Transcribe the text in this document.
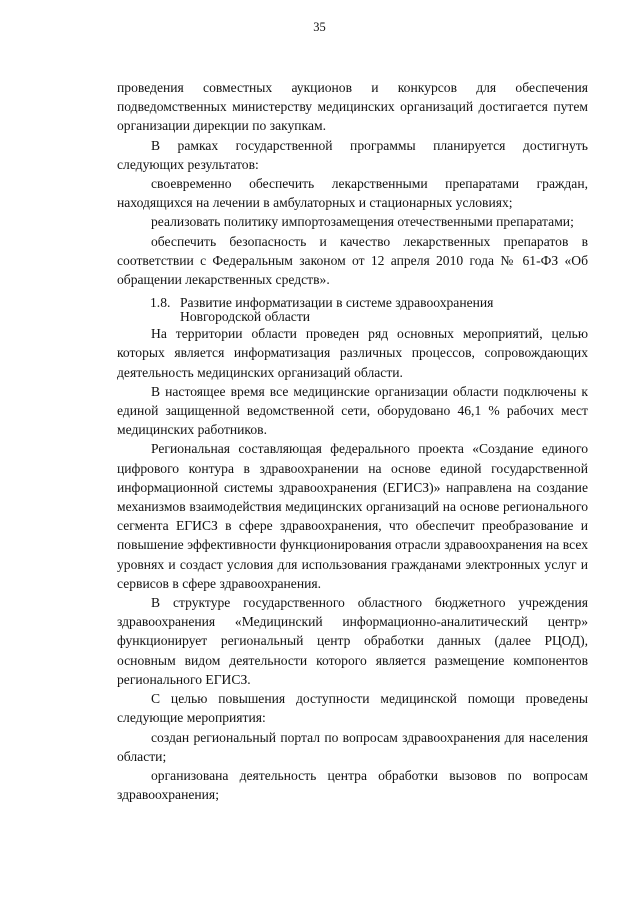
35

проведения совместных аукционов и конкурсов для обеспечения подведомственных министерству медицинских организаций достигается путем организации дирекции по закупкам.

В рамках государственной программы планируется достигнуть следующих результатов:

своевременно обеспечить лекарственными препаратами граждан, находящихся на лечении в амбулаторных и стационарных условиях;

реализовать политику импортозамещения отечественными препаратами;

обеспечить безопасность и качество лекарственных препаратов в соответствии с Федеральным законом от 12 апреля 2010 года № 61-ФЗ «Об обращении лекарственных средств».

1.8. Развитие информатизации в системе здравоохранения
Новгородской области

На территории области проведен ряд основных мероприятий, целью которых является информатизация различных процессов, сопровождающих деятельность медицинских организаций области.

В настоящее время все медицинские организации области подключены к единой защищенной ведомственной сети, оборудовано 46,1 % рабочих мест медицинских работников.

Региональная составляющая федерального проекта «Создание единого цифрового контура в здравоохранении на основе единой государственной информационной системы здравоохранения (ЕГИСЗ)» направлена на создание механизмов взаимодействия медицинских организаций на основе регионального сегмента ЕГИСЗ в сфере здравоохранения, что обеспечит преобразование и повышение эффективности функционирования отрасли здравоохранения на всех уровнях и создаст условия для использования гражданами электронных услуг и сервисов в сфере здравоохранения.

В структуре государственного областного бюджетного учреждения здравоохранения «Медицинский информационно-аналитический центр» функционирует региональный центр обработки данных (далее РЦОД), основным видом деятельности которого является размещение компонентов регионального ЕГИСЗ.

С целью повышения доступности медицинской помощи проведены следующие мероприятия:

создан региональный портал по вопросам здравоохранения для населения области;

организована деятельность центра обработки вызовов по вопросам здравоохранения;
